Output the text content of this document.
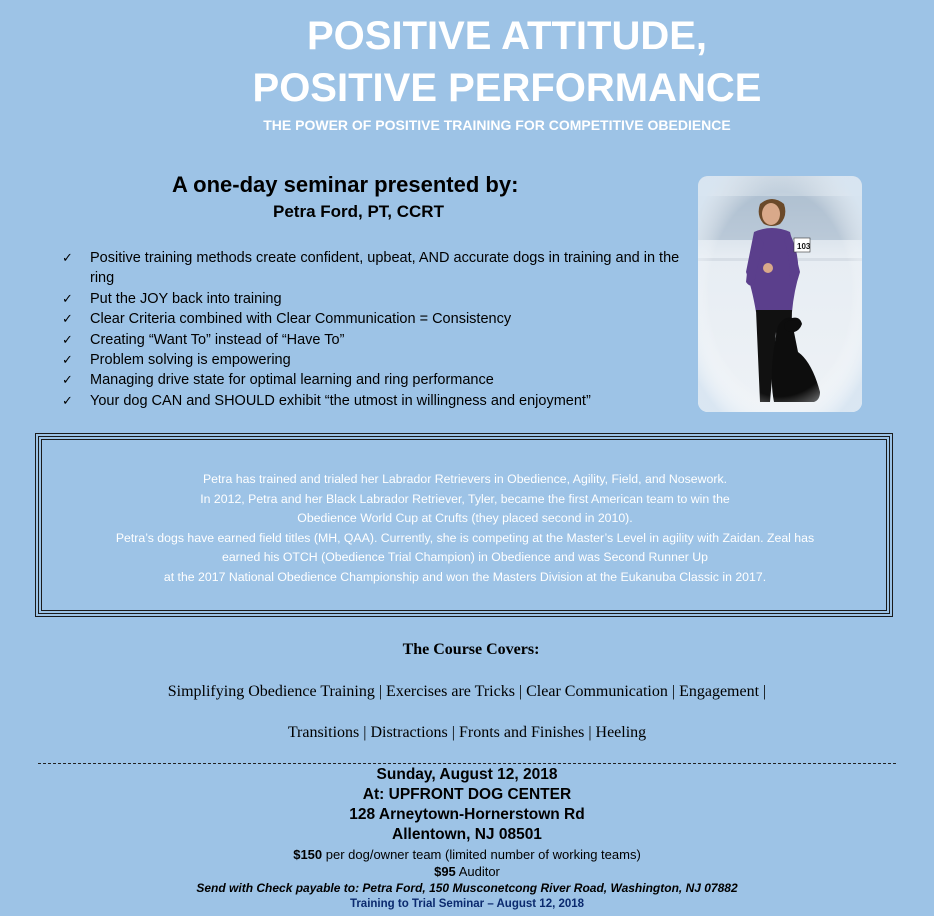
POSITIVE ATTITUDE,
POSITIVE PERFORMANCE
THE POWER OF POSITIVE TRAINING FOR COMPETITIVE OBEDIENCE
A one-day seminar presented by:
Petra Ford, PT, CCRT
✓ Positive training methods create confident, upbeat, AND accurate dogs in training and in the ring
✓ Put the JOY back into training
✓ Clear Criteria combined with Clear Communication = Consistency
✓ Creating “Want To” instead of “Have To”
✓ Problem solving is empowering
✓ Managing drive state for optimal learning and ring performance
✓ Your dog CAN and SHOULD exhibit “the utmost in willingness and enjoyment”
Petra has trained and trialed her Labrador Retrievers in Obedience, Agility, Field, and Nosework.
In 2012, Petra and her Black Labrador Retriever, Tyler, became the first American team to win the
Obedience World Cup at Crufts (they placed second in 2010).
Petra’s dogs have earned field titles (MH, QAA). Currently, she is competing at the Master’s Level in agility with Zaidan. Zeal has
earned his OTCH (Obedience Trial Champion) in Obedience and was Second Runner Up
at the 2017 National Obedience Championship and won the Masters Division at the Eukanuba Classic in 2017.
The Course Covers:
Simplifying Obedience Training | Exercises are Tricks | Clear Communication | Engagement |
Transitions | Distractions | Fronts and Finishes | Heeling
Sunday, August 12, 2018
At: UPFRONT DOG CENTER
128 Arneytown-Hornerstown Rd
Allentown, NJ 08501
$150 per dog/owner team (limited number of working teams)
$95 Auditor
Send with Check payable to: Petra Ford, 150 Musconetcong River Road, Washington, NJ 07882
Training to Trial Seminar – August 12, 2018
